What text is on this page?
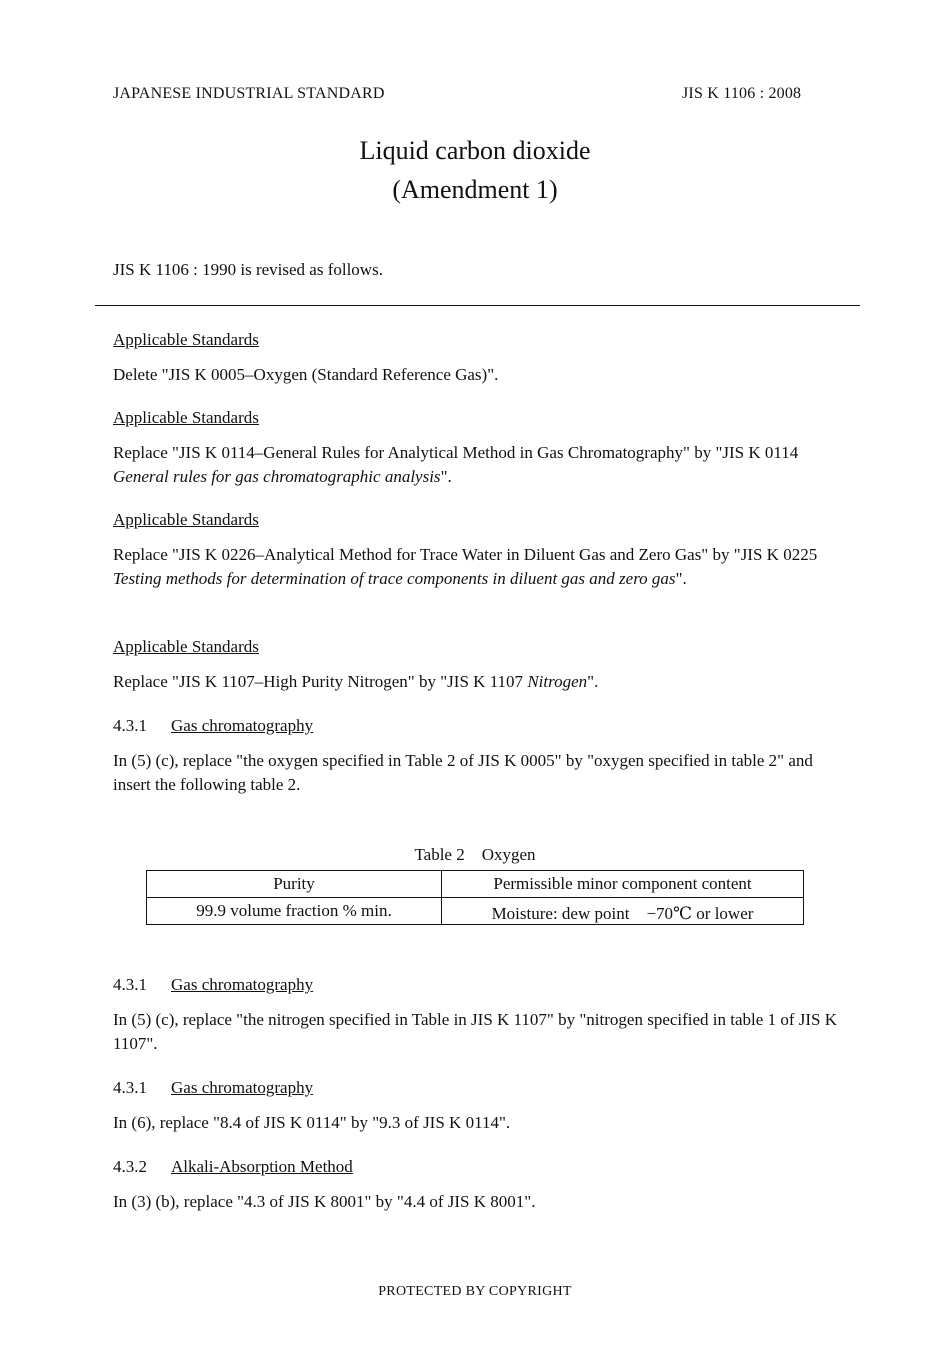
JAPANESE INDUSTRIAL STANDARD	JIS K 1106 : 2008
Liquid carbon dioxide
(Amendment 1)
JIS K 1106 : 1990 is revised as follows.
Applicable Standards
Delete "JIS K 0005–Oxygen (Standard Reference Gas)".
Applicable Standards
Replace "JIS K 0114–General Rules for Analytical Method in Gas Chromatography" by "JIS K 0114 General rules for gas chromatographic analysis".
Applicable Standards
Replace "JIS K 0226–Analytical Method for Trace Water in Diluent Gas and Zero Gas" by "JIS K 0225 Testing methods for determination of trace components in diluent gas and zero gas".
Applicable Standards
Replace "JIS K 1107–High Purity Nitrogen" by "JIS K 1107 Nitrogen".
4.3.1 Gas chromatography
In (5) (c), replace "the oxygen specified in Table 2 of JIS K 0005" by "oxygen specified in table 2" and insert the following table 2.
Table 2　Oxygen
Purity	Permissible minor component content
99.9 volume fraction % min.	Moisture: dew point　−70℃ or lower
4.3.1 Gas chromatography
In (5) (c), replace "the nitrogen specified in Table in JIS K 1107" by "nitrogen specified in table 1 of JIS K 1107".
4.3.1 Gas chromatography
In (6), replace "8.4 of JIS K 0114" by "9.3 of JIS K 0114".
4.3.2 Alkali-Absorption Method
In (3) (b), replace "4.3 of JIS K 8001" by "4.4 of JIS K 8001".
PROTECTED BY COPYRIGHT
